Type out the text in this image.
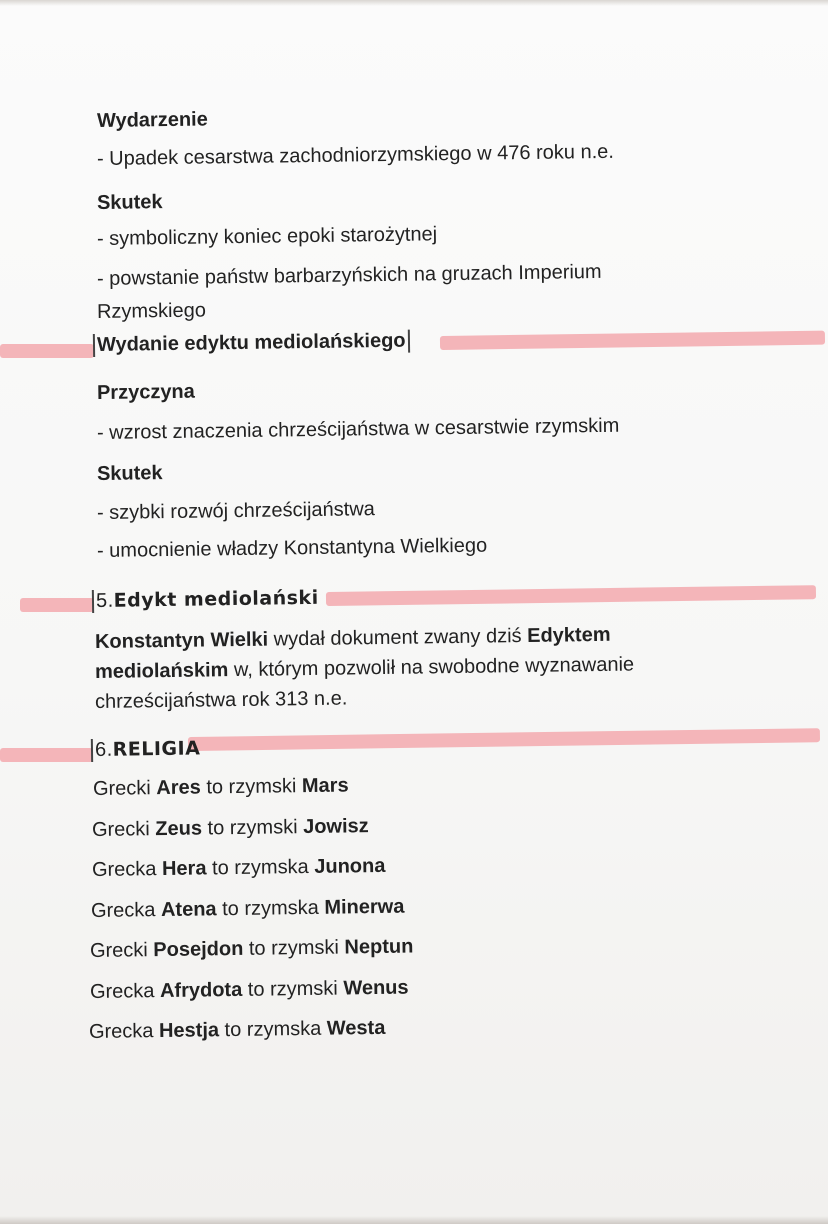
Wydarzenie
- Upadek cesarstwa zachodniorzymskiego w 476 roku n.e.
Skutek
- symboliczny koniec epoki starożytnej
- powstanie państw barbarzyńskich na gruzach Imperium
Rzymskiego
Wydanie edyktu mediolańskiego
Przyczyna
- wzrost znaczenia chrześcijaństwa w cesarstwie rzymskim
Skutek
- szybki rozwój chrześcijaństwa
- umocnienie władzy Konstantyna Wielkiego
5.Edykt mediolański
Konstantyn Wielki wydał dokument zwany dziś Edyktem
mediolańskim w, którym pozwolił na swobodne wyznawanie
chrześcijaństwa rok 313 n.e.
6.RELIGIA
Grecki Ares to rzymski Mars
Grecki Zeus to rzymski Jowisz
Grecka Hera to rzymska Junona
Grecka Atena to rzymska Minerwa
Grecki Posejdon to rzymski Neptun
Grecka Afrydota to rzymski Wenus
Grecka Hestja to rzymska Westa
